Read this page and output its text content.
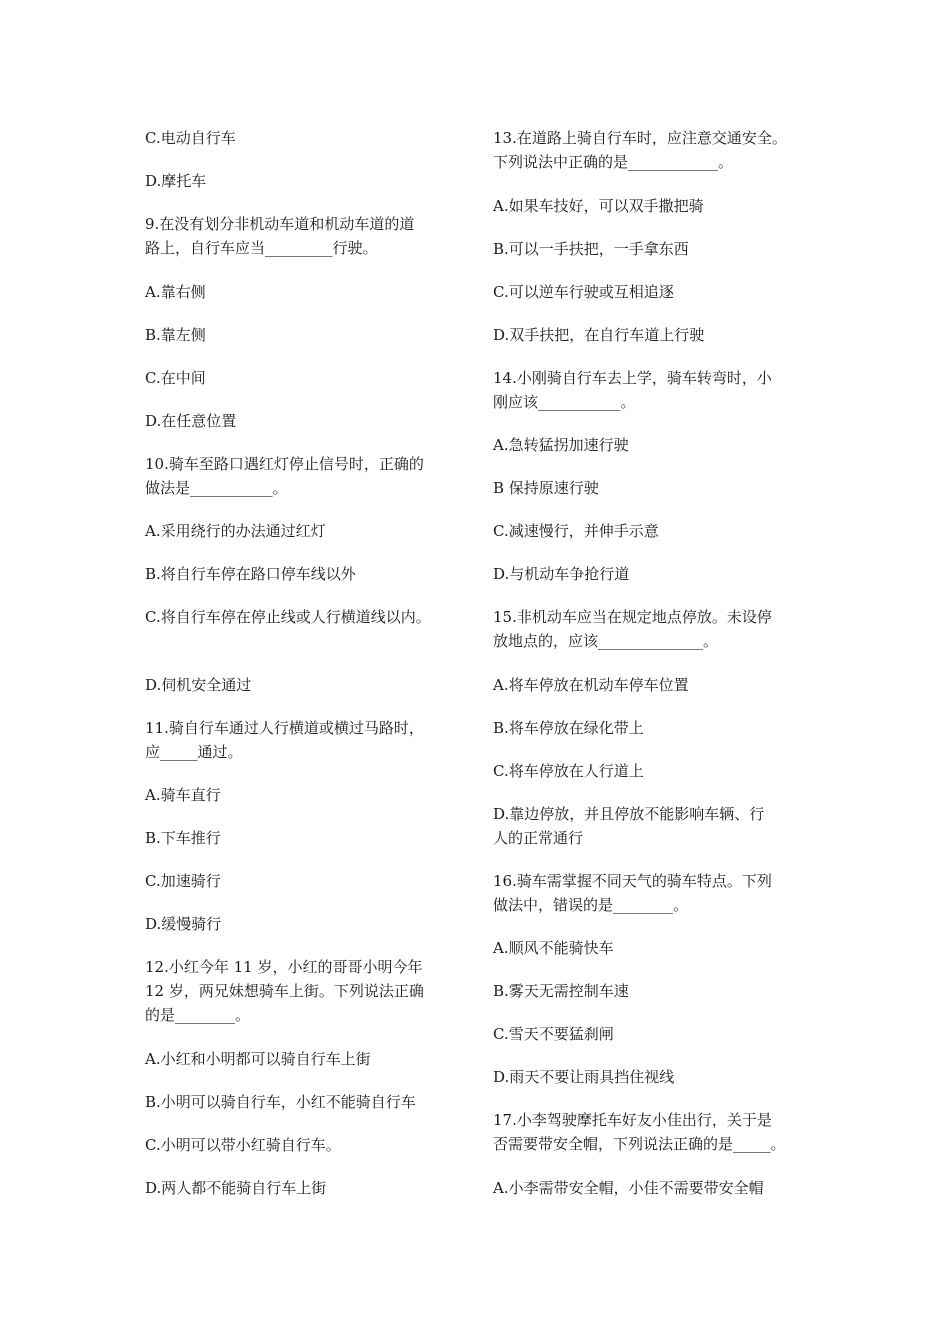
C.电动自行车
D.摩托车
9.在没有划分非机动车道和机动车道的道
路上，自行车应当_________行驶。
A.靠右侧
B.靠左侧
C.在中间
D.在任意位置
10.骑车至路口遇红灯停止信号时，正确的
做法是___________。
A.采用绕行的办法通过红灯
B.将自行车停在路口停车线以外
C.将自行车停在停止线或人行横道线以内。
D.伺机安全通过
11.骑自行车通过人行横道或横过马路时，
应_____通过。
A.骑车直行
B.下车推行
C.加速骑行
D.缓慢骑行
12.小红今年 11 岁，小红的哥哥小明今年
12 岁，两兄妹想骑车上街。下列说法正确
的是________。
A.小红和小明都可以骑自行车上街
B.小明可以骑自行车，小红不能骑自行车
C.小明可以带小红骑自行车。
D.两人都不能骑自行车上街
13.在道路上骑自行车时，应注意交通安全。
下列说法中正确的是____________。
A.如果车技好，可以双手撒把骑
B.可以一手扶把，一手拿东西
C.可以逆车行驶或互相追逐
D.双手扶把，在自行车道上行驶
14.小刚骑自行车去上学，骑车转弯时，小
刚应该___________。
A.急转猛拐加速行驶
B 保持原速行驶
C.减速慢行，并伸手示意
D.与机动车争抢行道
15.非机动车应当在规定地点停放。未设停
放地点的，应该______________。
A.将车停放在机动车停车位置
B.将车停放在绿化带上
C.将车停放在人行道上
D.靠边停放，并且停放不能影响车辆、行
人的正常通行
16.骑车需掌握不同天气的骑车特点。下列
做法中，错误的是________。
A.顺风不能骑快车
B.雾天无需控制车速
C.雪天不要猛刹闸
D.雨天不要让雨具挡住视线
17.小李驾驶摩托车好友小佳出行，关于是
否需要带安全帽，下列说法正确的是_____。
A.小李需带安全帽，小佳不需要带安全帽
